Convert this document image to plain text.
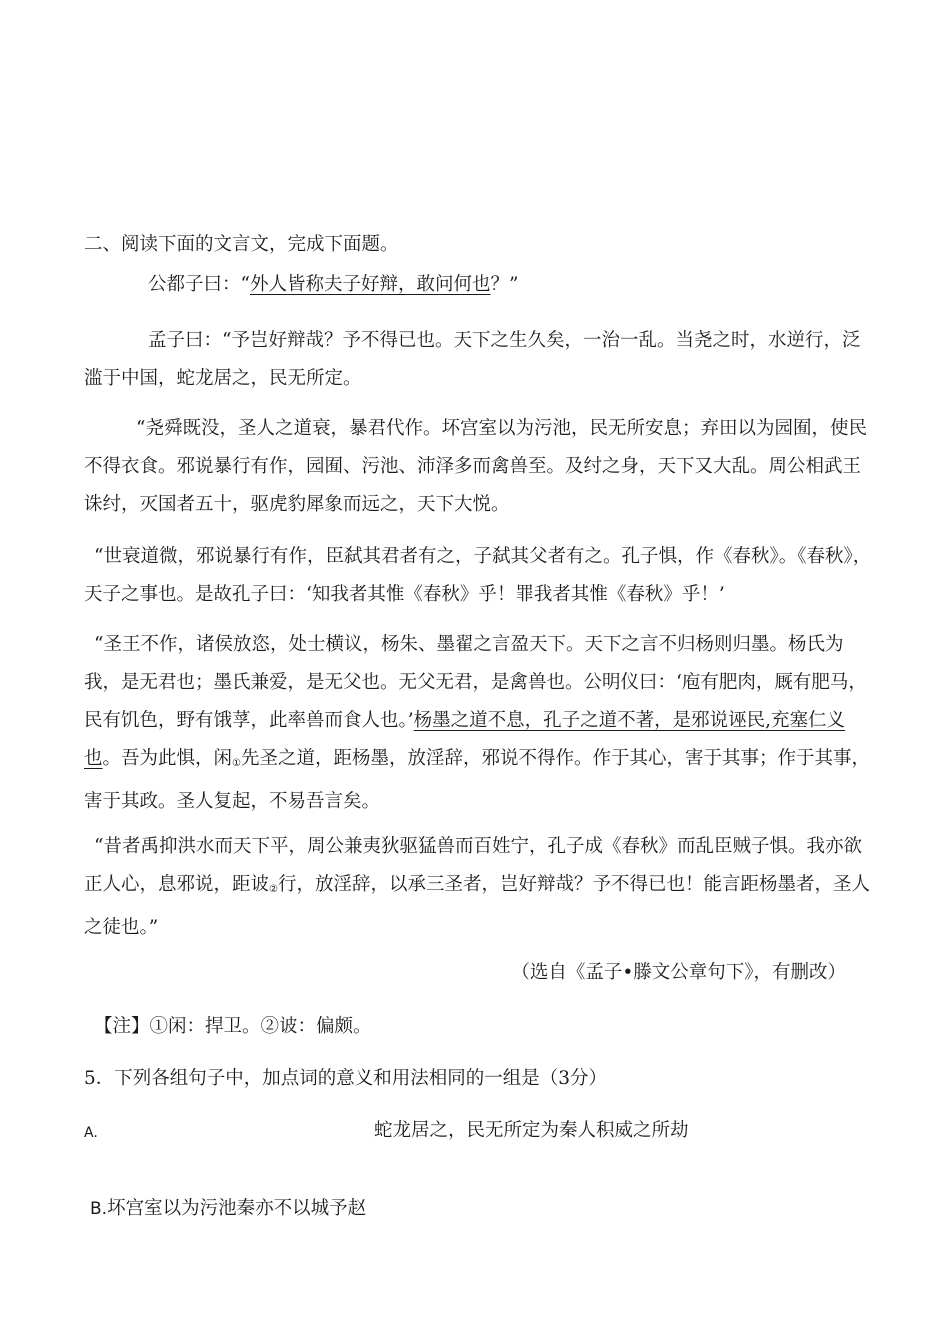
二、阅读下面的文言文，完成下面题。

公都子曰：“外人皆称夫子好辩，敢问何也？”

孟子曰：“予岂好辩哉？予不得已也。天下之生久矣，一治一乱。当尧之时，水逆行，泛滥于中国，蛇龙居之，民无所定。

“尧舜既没，圣人之道衰，暴君代作。坏宫室以为污池，民无所安息；弃田以为园囿，使民不得衣食。邪说暴行有作，园囿、污池、沛泽多而禽兽至。及纣之身，天下又大乱。周公相武王诛纣，灭国者五十，驱虎豹犀象而远之，天下大悦。

“世衰道微，邪说暴行有作，臣弑其君者有之，子弑其父者有之。孔子惧，作《春秋》。《春秋》，天子之事也。是故孔子曰：‘知我者其惟《春秋》乎！罪我者其惟《春秋》乎！’

“圣王不作，诸侯放恣，处士横议，杨朱、墨翟之言盈天下。天下之言不归杨则归墨。杨氏为我，是无君也；墨氏兼爱，是无父也。无父无君，是禽兽也。公明仪曰：‘庖有肥肉，厩有肥马，民有饥色，野有饿莩，此率兽而食人也。’杨墨之道不息，孔子之道不著，是邪说诬民,充塞仁义也。吾为此惧，闲$_①$先圣之道，距杨墨，放淫辞，邪说不得作。作于其心，害于其事；作于其事，害于其政。圣人复起，不易吾言矣。

“昔者禹抑洪水而天下平，周公兼夷狄驱猛兽而百姓宁，孔子成《春秋》而乱臣贼子惧。我亦欲正人心，息邪说，距诐$_②$行，放淫辞，以承三圣者，岂好辩哉？予不得已也！能言距杨墨者，圣人之徒也。”

（选自《孟子•滕文公章句下》，有删改）

【注】①闲：捍卫。②诐：偏颇。

5．下列各组句子中，加点词的意义和用法相同的一组是（3分）

A.	蛇龙居之，民无所定为秦人积威之所劫
B.坏宫室以为污池秦亦不以城予赵
